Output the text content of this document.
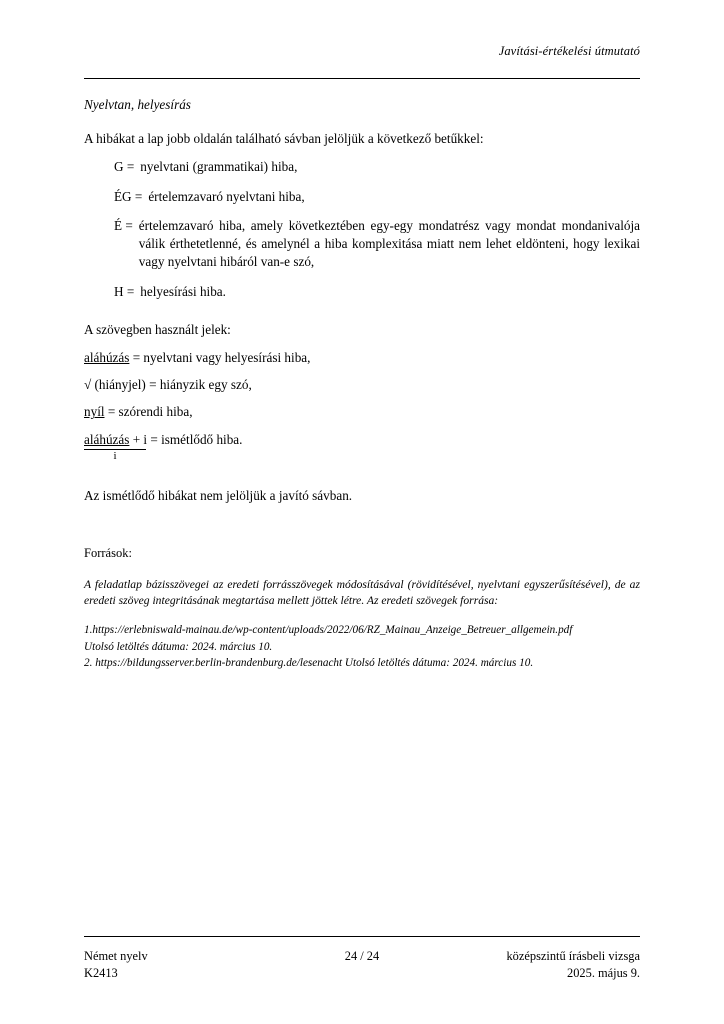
Javítási-értékelési útmutató

Nyelvtan, helyesírás

A hibákat a lap jobb oldalán található sávban jelöljük a következő betűkkel:

G = nyelvtani (grammatikai) hiba,
ÉG = értelemzavaró nyelvtani hiba,
É = értelemzavaró hiba, amely következtében egy-egy mondatrész vagy mondat mondanivalója válik érthetetlenné, és amelynél a hiba komplexitása miatt nem lehet eldönteni, hogy lexikai vagy nyelvtani hibáról van-e szó,
H = helyesírási hiba.

A szövegben használt jelek:

aláhúzás = nyelvtani vagy helyesírási hiba,
√ (hiányjel) = hiányzik egy szó,
nyíl = szórendi hiba,
aláhúzás + i = ismétlődő hiba.
i

Az ismétlődő hibákat nem jelöljük a javító sávban.

Források:

A feladatlap bázisszövegei az eredeti forrásszövegek módosításával (rövidítésével, nyelvtani egyszerűsítésével), de az eredeti szöveg integritásának megtartása mellett jöttek létre. Az eredeti szövegek forrása:

1.https://erlebniswald-mainau.de/wp-content/uploads/2022/06/RZ_Mainau_Anzeige_Betreuer_allgemein.pdf
Utolsó letöltés dátuma: 2024. március 10.
2. https://bildungsserver.berlin-brandenburg.de/lesenacht Utolsó letöltés dátuma: 2024. március 10.
Német nyelv	24 / 24	középszintű írásbeli vizsga
K2413	2025. május 9.
